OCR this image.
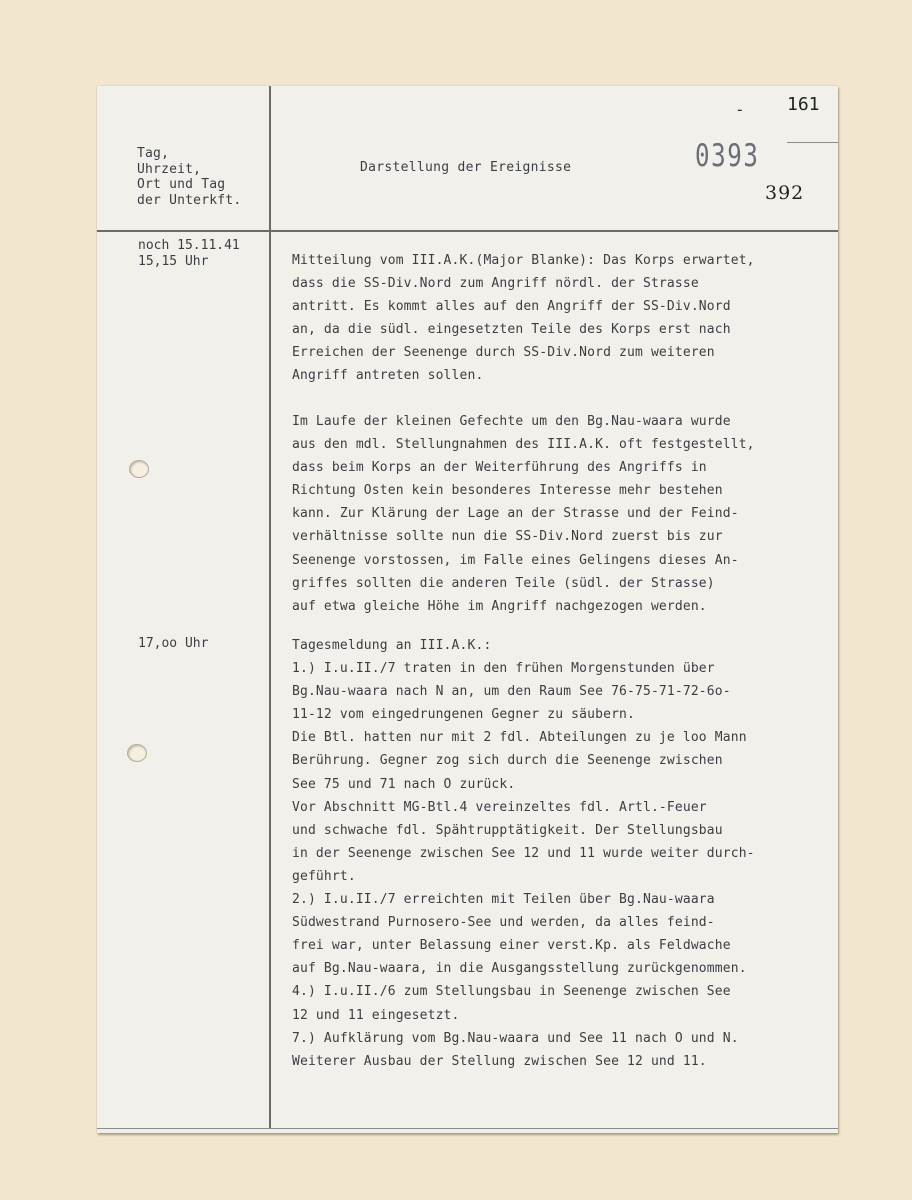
- 161
0393
392
Tag,
Uhrzeit,
Ort und Tag
der Unterkft.
Darstellung der Ereignisse
noch 15.11.41
15,15 Uhr	Mitteilung vom III.A.K.(Major Blanke): Das Korps erwartet,
dass die SS-Div.Nord zum Angriff nördl. der Strasse
antritt. Es kommt alles auf den Angriff der SS-Div.Nord
an, da die südl. eingesetzten Teile des Korps erst nach
Erreichen der Seenenge durch SS-Div.Nord zum weiteren
Angriff antreten sollen.
Im Laufe der kleinen Gefechte um den Bg.Nau-waara wurde
aus den mdl. Stellungnahmen des III.A.K. oft festgestellt,
dass beim Korps an der Weiterführung des Angriffs in
Richtung Osten kein besonderes Interesse mehr bestehen
kann. Zur Klärung der Lage an der Strasse und der Feind-
verhältnisse sollte nun die SS-Div.Nord zuerst bis zur
Seenenge vorstossen, im Falle eines Gelingens dieses An-
griffes sollten die anderen Teile (südl. der Strasse)
auf etwa gleiche Höhe im Angriff nachgezogen werden.
17,oo Uhr	Tagesmeldung an III.A.K.:
1.) I.u.II./7 traten in den frühen Morgenstunden über
Bg.Nau-waara nach N an, um den Raum See 76-75-71-72-6o-
11-12 vom eingedrungenen Gegner zu säubern.
Die Btl. hatten nur mit 2 fdl. Abteilungen zu je loo Mann
Berührung. Gegner zog sich durch die Seenenge zwischen
See 75 und 71 nach O zurück.
Vor Abschnitt MG-Btl.4 vereinzeltes fdl. Artl.-Feuer
und schwache fdl. Spähtrupptätigkeit. Der Stellungsbau
in der Seenenge zwischen See 12 und 11 wurde weiter durch-
geführt.
2.) I.u.II./7 erreichten mit Teilen über Bg.Nau-waara
Südwestrand Purnosero-See und werden, da alles feind-
frei war, unter Belassung einer verst.Kp. als Feldwache
auf Bg.Nau-waara, in die Ausgangsstellung zurückgenommen.
4.) I.u.II./6 zum Stellungsbau in Seenenge zwischen See
12 und 11 eingesetzt.
7.) Aufklärung vom Bg.Nau-waara und See 11 nach O und N.
Weiterer Ausbau der Stellung zwischen See 12 und 11.
